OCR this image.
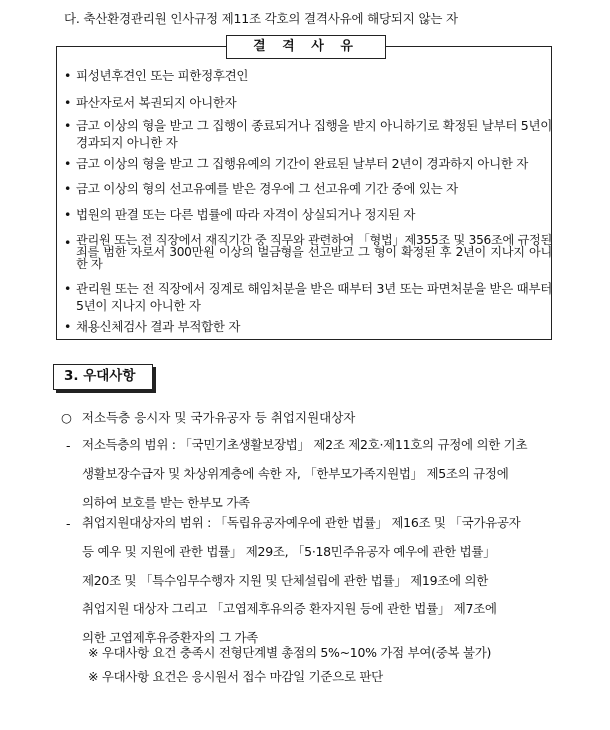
다. 축산환경관리원 인사규정 제11조 각호의 결격사유에 해당되지 않는 자
결 격 사 유
• 피성년후견인 또는 피한정후견인
• 파산자로서 복권되지 아니한자
• 금고 이상의 형을 받고 그 집행이 종료되거나 집행을 받지 아니하기로 확정된 날부터 5년이 경과되지 아니한 자
• 금고 이상의 형을 받고 그 집행유예의 기간이 완료된 날부터 2년이 경과하지 아니한 자
• 금고 이상의 형의 선고유예를 받은 경우에 그 선고유예 기간 중에 있는 자
• 법원의 판결 또는 다른 법률에 따라 자격이 상실되거나 정지된 자
• 관리원 또는 전 직장에서 재직기간 중 직무와 관련하여 「형법」제355조 및 356조에 규정된 죄를 범한 자로서 300만원 이상의 벌금형을 선고받고 그 형이 확정된 후 2년이 지나지 아니한 자
• 관리원 또는 전 직장에서 징계로 해임처분을 받은 때부터 3년 또는 파면처분을 받은 때부터 5년이 지나지 아니한 자
• 채용신체검사 결과 부적합한 자
3. 우대사항
○ 저소득층 응시자 및 국가유공자 등 취업지원대상자
- 저소득층의 범위 : 「국민기초생활보장법」 제2조 제2호·제11호의 규정에 의한 기초
생활보장수급자 및 차상위계층에 속한 자, 「한부모가족지원법」 제5조의 규정에
의하여 보호를 받는 한부모 가족
- 취업지원대상자의 범위 : 「독립유공자예우에 관한 법률」 제16조 및 「국가유공자
등 예우 및 지원에 관한 법률」 제29조, 「5·18민주유공자 예우에 관한 법률」
제20조 및 「특수임무수행자 지원 및 단체설립에 관한 법률」 제19조에 의한
취업지원 대상자 그리고 「고엽제후유의증 환자지원 등에 관한 법률」 제7조에
의한 고엽제후유증환자의 그 가족
※ 우대사항 요건 충족시 전형단계별 총점의 5%~10% 가점 부여(중복 불가)
※ 우대사항 요건은 응시원서 접수 마감일 기준으로 판단
